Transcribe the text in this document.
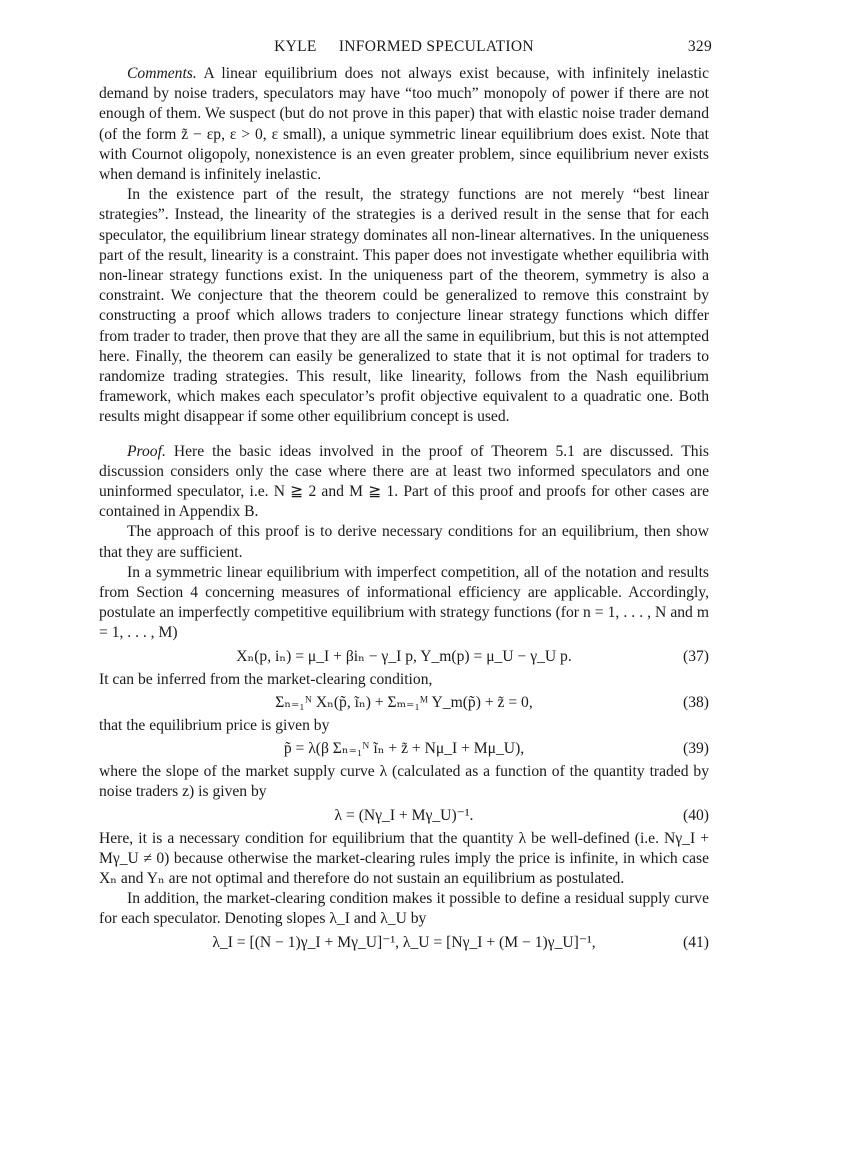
KYLE INFORMED SPECULATION	329

Comments. A linear equilibrium does not always exist because, with infinitely inelastic demand by noise traders, speculators may have “too much” monopoly of power if there are not enough of them. We suspect (but do not prove in this paper) that with elastic noise trader demand (of the form z̃ − εp, ε > 0, ε small), a unique symmetric linear equilibrium does exist. Note that with Cournot oligopoly, nonexistence is an even greater problem, since equilibrium never exists when demand is infinitely inelastic.

In the existence part of the result, the strategy functions are not merely “best linear strategies”. Instead, the linearity of the strategies is a derived result in the sense that for each speculator, the equilibrium linear strategy dominates all non-linear alternatives. In the uniqueness part of the result, linearity is a constraint. This paper does not investigate whether equilibria with non-linear strategy functions exist. In the uniqueness part of the theorem, symmetry is also a constraint. We conjecture that the theorem could be generalized to remove this constraint by constructing a proof which allows traders to conjecture linear strategy functions which differ from trader to trader, then prove that they are all the same in equilibrium, but this is not attempted here. Finally, the theorem can easily be generalized to state that it is not optimal for traders to randomize trading strategies. This result, like linearity, follows from the Nash equilibrium framework, which makes each speculator’s profit objective equivalent to a quadratic one. Both results might disappear if some other equilibrium concept is used.

Proof. Here the basic ideas involved in the proof of Theorem 5.1 are discussed. This discussion considers only the case where there are at least two informed speculators and one uninformed speculator, i.e. N ≧ 2 and M ≧ 1. Part of this proof and proofs for other cases are contained in Appendix B.

The approach of this proof is to derive necessary conditions for an equilibrium, then show that they are sufficient.

In a symmetric linear equilibrium with imperfect competition, all of the notation and results from Section 4 concerning measures of informational efficiency are applicable. Accordingly, postulate an imperfectly competitive equilibrium with strategy functions (for n = 1, . . . , N and m = 1, . . . , M)

Xₙ(p, iₙ) = μ_I + βiₙ − γ_I p, Y_m(p) = μ_U − γ_U p.	(37)

It can be inferred from the market-clearing condition,

Σₙ₌₁ᴺ Xₙ(p̃, ĩₙ) + Σₘ₌₁ᴹ Y_m(p̃) + z̃ = 0,	(38)

that the equilibrium price is given by

p̃ = λ(β Σₙ₌₁ᴺ ĩₙ + z̃ + Nμ_I + Mμ_U),	(39)

where the slope of the market supply curve λ (calculated as a function of the quantity traded by noise traders z) is given by

λ = (Nγ_I + Mγ_U)⁻¹.	(40)

Here, it is a necessary condition for equilibrium that the quantity λ be well-defined (i.e. Nγ_I + Mγ_U ≠ 0) because otherwise the market-clearing rules imply the price is infinite, in which case Xₙ and Yₙ are not optimal and therefore do not sustain an equilibrium as postulated.

In addition, the market-clearing condition makes it possible to define a residual supply curve for each speculator. Denoting slopes λ_I and λ_U by

λ_I = [(N − 1)γ_I + Mγ_U]⁻¹, λ_U = [Nγ_I + (M − 1)γ_U]⁻¹,	(41)
